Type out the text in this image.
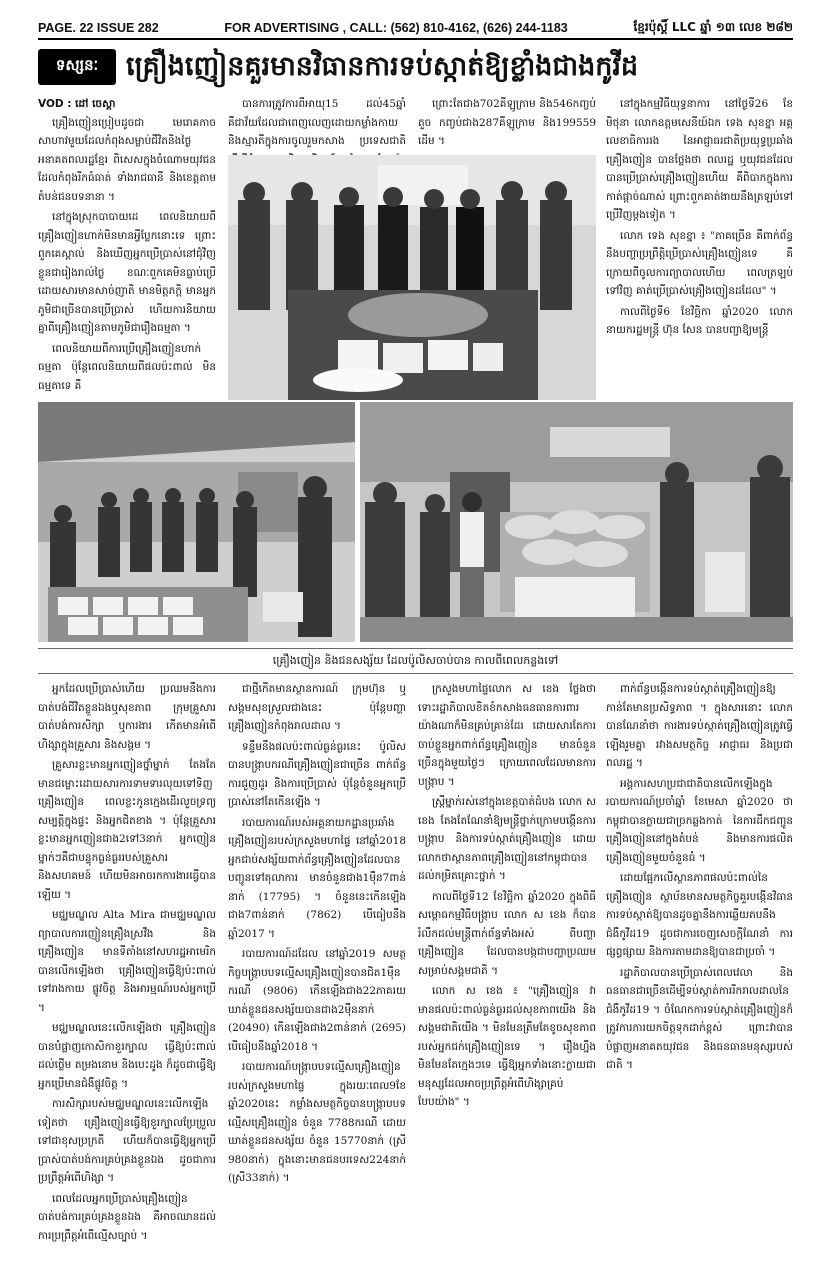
PAGE. 22 ISSUE 282	FOR ADVERTISING , CALL: (562) 810-4162, (626) 244-1183	ខ្មែរប៉ុស្ដិ៍ LLC ឆ្នាំ ១៣ លេខ ២៨២
ទស្សនៈ	គ្រឿងញៀនគួរមានវិធានការទប់ស្កាត់ឱ្យខ្លាំងជាងកូវីដ
VOD : ដៅ ចេស្តា

គ្រឿងញៀនប្រៀបដូចជា មេរោគកាចសាហាវមួយដែលកំពុងសម្លាប់ជីវិតនិងថ្ងៃអនាគតពលរដ្ឋខ្មែរ ពិសេសក្នុងចំណោមយុវជនដែលកំពុងរីកធំធាត់ ទាំងរាជធានី និងខេត្តតាមតំបន់ជនបទនានា ។

នៅក្នុងស្រុកបាបាយដេ ពេលនិយាយពីគ្រឿងញៀនហាក់មិនមានអ្វីប្លែកនោះទេ ព្រោះពួកគេស្គាល់ និងឃើញអ្នកប្រើប្រាស់នៅជុំវិញខ្លួនជារៀងរាល់ថ្ងៃ ខណៈពួកគេមិនធ្លាប់ប្រើ ដោយសារមានសាច់ញាតិ មានមិត្តភក្តិ មានអ្នកភូមិជាច្រើនបានប្រើប្រាស់ ហើយការនិយាយគ្នាពីគ្រឿងញៀនតាមភូមិជារឿងធម្មតា ។

ពេលនិយាយពីការប្រើគ្រឿងញៀនហាក់ធម្មតា ប៉ុន្តែពេលនិយាយពីផលប៉ះពាល់ មិនធម្មតាទេ គឺ

បានការត្រូវការពីអាយុ15 ដល់45ឆ្នាំ គឺជាវ័យដែលជាពេញលេញដោយកម្លាំងកាយនិងស្មារតីក្នុងការចូលរួមកសាង ប្រទេសជាតិ

ព្រោះតែជាង702គីឡូក្រាម និង546កញ្ចប់ តួច កញ្ចប់ជាង287គីឡូក្រាម និង199559 ដើម ។

នៅក្នុងកម្មវិធីយុទ្ធនាការ នៅថ្ងៃទី26 ខែមិថុនា លោកឧត្តមសេនីយ៍ឯក ទេង សុខខ្នា អគ្គលេខាធិការរង នៃអាជ្ញាធរជាតិប្រយុទ្ធប្រឆាំងគ្រឿងញៀន បានថ្លែងថា ពលរដ្ឋ ឬយុវជនដែលបានប្រើប្រាស់គ្រឿងញៀនហើយ គឺពិបាកក្នុងការកាត់ផ្តាច់ណាស់ ព្រោះពួកគាត់ងាយនឹងត្រឡប់ទៅប្រើវិញម្តងទៀត ។

លោក ទេង សុខខ្នា ៖ "ភាគច្រើន គឺពាក់ព័ន្ធនឹងបញ្ហាប្រព្រឹត្តិប្រើប្រាស់គ្រឿងញៀនទេ គឺក្រោយពីចូលការព្យាបាលហើយ ពេលត្រឡប់ទៅវិញ គាត់ប្រើប្រាស់គ្រឿងញៀនដដែល" ។

កាលពីថ្ងៃទី6 ខែវិច្ឆិកា ឆ្នាំ2020 លោកនាយករដ្ឋមន្ត្រី ហ៊ុន សែន បានបញ្ជាឱ្យមន្ត្រី

គ្រឿងញៀន និងជនសង្ស័យ ដែលប៉ូលិសចាប់បាន កាលពីពេលកន្លងទៅ

អ្នកដែលប្រើប្រាស់ហើយ ប្រឈមនឹងការបាត់បង់ជីវិតខ្លួនឯងឬសុខភាព ក្រុមគ្រួសារ បាត់បង់ការសិក្សា ឬការងារ កើតមានអំពើហិង្សាក្នុងគ្រួសារ និងសង្គម ។

គ្រួសារខ្លះមានអ្នកញៀនថ្នាំម្នាក់ តែងតែមានជម្លោះដោយសារការទាមទារលុយទៅទិញគ្រឿងញៀន ពេលខ្លះកូនក្មេងដើរលួចទ្រព្យសម្បត្តិក្នុងផ្ទះ និងអ្នកជិតខាង ។ ប៉ុន្តែគ្រួសារខ្លះមានអ្នកញៀនជាង2ទៅ3នាក់ អ្នកញៀនម្នាក់ៗគឺជាបន្ទុកធ្ងន់ធ្ងររបស់គ្រួសារ និងសហគមន៍ ហើយមិនអាចរកការងារធ្វើបានឡើយ ។

មជ្ឈមណ្ឌល Alta Mira ជាមជ្ឈមណ្ឌលព្យាបាលការញៀនគ្រឿងស្រវឹង និងគ្រឿងញៀន មានទីតាំងនៅសហរដ្ឋអាមេរិក បានលើកឡើងថា គ្រឿងញៀនធ្វើឱ្យប៉ះពាល់ទៅរាងកាយ ផ្លូវចិត្ត និងអារម្មណ៍របស់អ្នកប្រើ ។

មជ្ឈមណ្ឌលនេះលើកឡើងថា គ្រឿងញៀនបានបំផ្លាញកោសិកាខួរក្បាល ធ្វើឱ្យប៉ះពាល់ដល់ថ្លើម តម្រងនោម និងបេះដូង ក៏ដូចជាធ្វើឱ្យអ្នកប្រើមានជំងឺផ្លូវចិត្ត ។

ការសិក្សារបស់មជ្ឈមណ្ឌលនេះលើកឡើងទៀតថា គ្រឿងញៀនធ្វើឱ្យខួរក្បាលប្រែប្រួលទៅជាខុសប្រក្រតី ហើយក៏បានធ្វើឱ្យអ្នកប្រើប្រាស់បាត់បង់ការគ្រប់គ្រងខ្លួនឯង ដូចជាការប្រព្រឹត្តអំពើហិង្សា ។

ពេលដែលអ្នកប្រើប្រាស់គ្រឿងញៀនបាត់បង់ការគ្រប់គ្រងខ្លួនឯង គឺអាចឈានដល់ការប្រព្រឹត្តអំពើល្មើសច្បាប់ ។

ជាថ្មីកើតមានស្ថានការណ៍ ក្រុមហ៊ុន ឬសង្គមសុខស្រួលជាងនេះ ប៉ុន្តែបញ្ហាគ្រឿងញៀនកំពុងរាលដាល ។

ទន្ទឹមនឹងផលប៉ះពាល់ធ្ងន់ធ្ងរនេះ ប៉ូលិសបានបង្ក្រាបករណីគ្រឿងញៀនជាច្រើន ពាក់ព័ន្ធការជួញដូរ និងការប្រើប្រាស់ ប៉ុន្តែចំនួនអ្នកប្រើប្រាស់នៅតែកើនឡើង ។

របាយការណ៍របស់អគ្គនាយកដ្ឋានប្រឆាំងគ្រឿងញៀនរបស់ក្រសួងមហាផ្ទៃ នៅឆ្នាំ2018 អ្នកជាប់សង្ស័យពាក់ព័ន្ធគ្រឿងញៀនដែលបានបញ្ជូនទៅតុលាការ មានចំនួនជាង1ម៉ឺន7ពាន់នាក់ (17795) ។ ចំនួននេះកើនឡើងជាង7ពាន់នាក់ (7862) បើធៀបនឹងឆ្នាំ2017 ។

របាយការណ៍ដដែល នៅឆ្នាំ2019 សមត្ថកិច្ចបង្ក្រាបបទល្មើសគ្រឿងញៀនបានជិត1ម៉ឺនករណី (9806) កើនឡើងជាង22ភាគរយ ឃាត់ខ្លួនជនសង្ស័យបានជាង2ម៉ឺននាក់ (20490) កើនឡើងជាង2ពាន់នាក់ (2695) បើធៀបនឹងឆ្នាំ2018 ។

របាយការណ៍បង្ក្រាបបទល្មើសគ្រឿងញៀនរបស់ក្រសួងមហាផ្ទៃ ក្នុងរយៈពេល9ខែ ឆ្នាំ2020នេះ កម្លាំងសមត្ថកិច្ចបានបង្ក្រាបបទល្មើសគ្រឿងញៀន ចំនួន 7788ករណី ដោយឃាត់ខ្លួនជនសង្ស័យ ចំនួន 15770នាក់ (ស្រី 980នាក់) ក្នុងនោះមានជនបរទេស224នាក់ (ស្រី33នាក់) ។

ក្រសួងមហាផ្ទៃលោក ស ខេង ថ្លែងថា ទោះរដ្ឋាភិបាលខិតខំកសាងធនធានការពារយ៉ាងណាក៏មិនគ្រប់គ្រាន់ដែរ ដោយសារតែការចាប់ខ្លួនអ្នកពាក់ព័ន្ធគ្រឿងញៀន មានចំនួនច្រើនក្នុងមួយថ្ងៃៗ ក្រោយពេលដែលមានការបង្ក្រាប ។

ស្ត្រីម្នាក់រស់នៅក្នុងខេត្តបាត់ដំបង លោក ស ខេង តែងតែណែនាំឱ្យមន្ត្រីថ្នាក់ក្រោមបង្កើនការបង្ក្រាប និងការទប់ស្កាត់គ្រឿងញៀន ដោយលោកថាស្ថានភាពគ្រឿងញៀននៅកម្ពុជាបានដល់កម្រិតគ្រោះថ្នាក់ ។

កាលពីថ្ងៃទី12 ខែវិច្ឆិកា ឆ្នាំ2020 ក្នុងពិធីសម្ពោធកម្មវិធីបង្ក្រាប លោក ស ខេង ក៏បានរំលឹកដល់មន្ត្រីពាក់ព័ន្ធទាំងអស់ ពីបញ្ហាគ្រឿងញៀន ដែលបានបង្កជាបញ្ហាប្រឈមសម្រាប់សង្គមជាតិ ។

លោក ស ខេង ៖ "គ្រឿងញៀន វាមានផលប៉ះពាល់ធ្ងន់ធ្ងរដល់សុខភាពយើង និងសង្គមជាតិយើង ។ មិនមែនត្រឹមតែខូចសុខភាពរបស់អ្នកជក់គ្រឿងញៀនទេ ។ រឿងហ្នឹងមិនមែនតែក្មេងៗទេ ធ្វើឱ្យអ្នកទាំងនោះក្លាយជាមនុស្សដែលអាចប្រព្រឹត្តអំពើហិង្សាគ្រប់បែបយ៉ាង" ។

ពាក់ព័ន្ធបង្កើនការទប់ស្កាត់គ្រឿងញៀនឱ្យកាន់តែមានប្រសិទ្ធភាព ។ ក្នុងសារនោះ លោកបានណែនាំថា ការងារទប់ស្កាត់គ្រឿងញៀនត្រូវធ្វើឡើងរួមគ្នា រវាងសមត្ថកិច្ច អាជ្ញាធរ និងប្រជាពលរដ្ឋ ។

អង្គការសហប្រជាជាតិបានលើកឡើងក្នុងរបាយការណ៍ប្រចាំឆ្នាំ ខែមេសា ឆ្នាំ2020 ថា កម្ពុជាបានក្លាយជាច្រកឆ្លងកាត់ នៃការដឹកជញ្ជូនគ្រឿងញៀននៅក្នុងតំបន់ និងមានការផលិតគ្រឿងញៀនមួយចំនួនធំ ។

ដោយផ្អែកលើស្ថានភាពផលប៉ះពាល់នៃគ្រឿងញៀន ស្ថាប័នមានសមត្ថកិច្ចគួរបង្កើនវិធានការទប់ស្កាត់ឱ្យបានដូចគ្នានឹងការឆ្លើយតបនឹងជំងឺកូវីដ19 ដូចជាការចេញសេចក្តីណែនាំ ការផ្សព្វផ្សាយ និងការតាមដានឱ្យបានជាប្រចាំ ។

រដ្ឋាភិបាលបានប្រើប្រាស់ពេលវេលា និងធនធានជាច្រើនដើម្បីទប់ស្កាត់ការរីករាលដាលនៃជំងឺកូវីដ19 ។ ចំណែកការទប់ស្កាត់គ្រឿងញៀនក៏ត្រូវការការយកចិត្តទុកដាក់ខ្ពស់ ព្រោះវាបានបំផ្លាញអនាគតយុវជន និងធនធានមនុស្សរបស់ជាតិ ។
